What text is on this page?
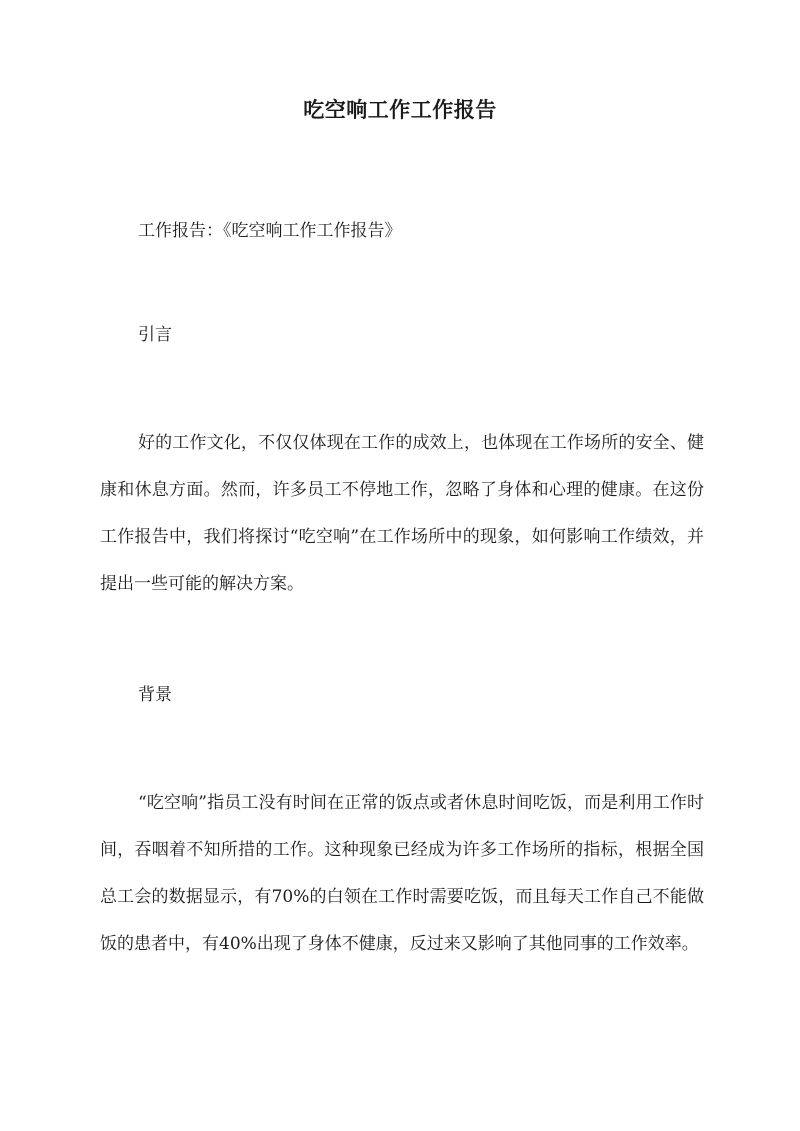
吃空响工作工作报告
工作报告：《吃空响工作工作报告》
引言
好的工作文化，不仅仅体现在工作的成效上，也体现在工作场所的安全、健康和休息方面。然而，许多员工不停地工作，忽略了身体和心理的健康。在这份工作报告中，我们将探讨“吃空响”在工作场所中的现象，如何影响工作绩效，并提出一些可能的解决方案。
背景
“吃空响”指员工没有时间在正常的饭点或者休息时间吃饭，而是利用工作时间，吞咽着不知所措的工作。这种现象已经成为许多工作场所的指标，根据全国总工会的数据显示，有70%的白领在工作时需要吃饭，而且每天工作自己不能做饭的患者中，有40%出现了身体不健康，反过来又影响了其他同事的工作效率。
